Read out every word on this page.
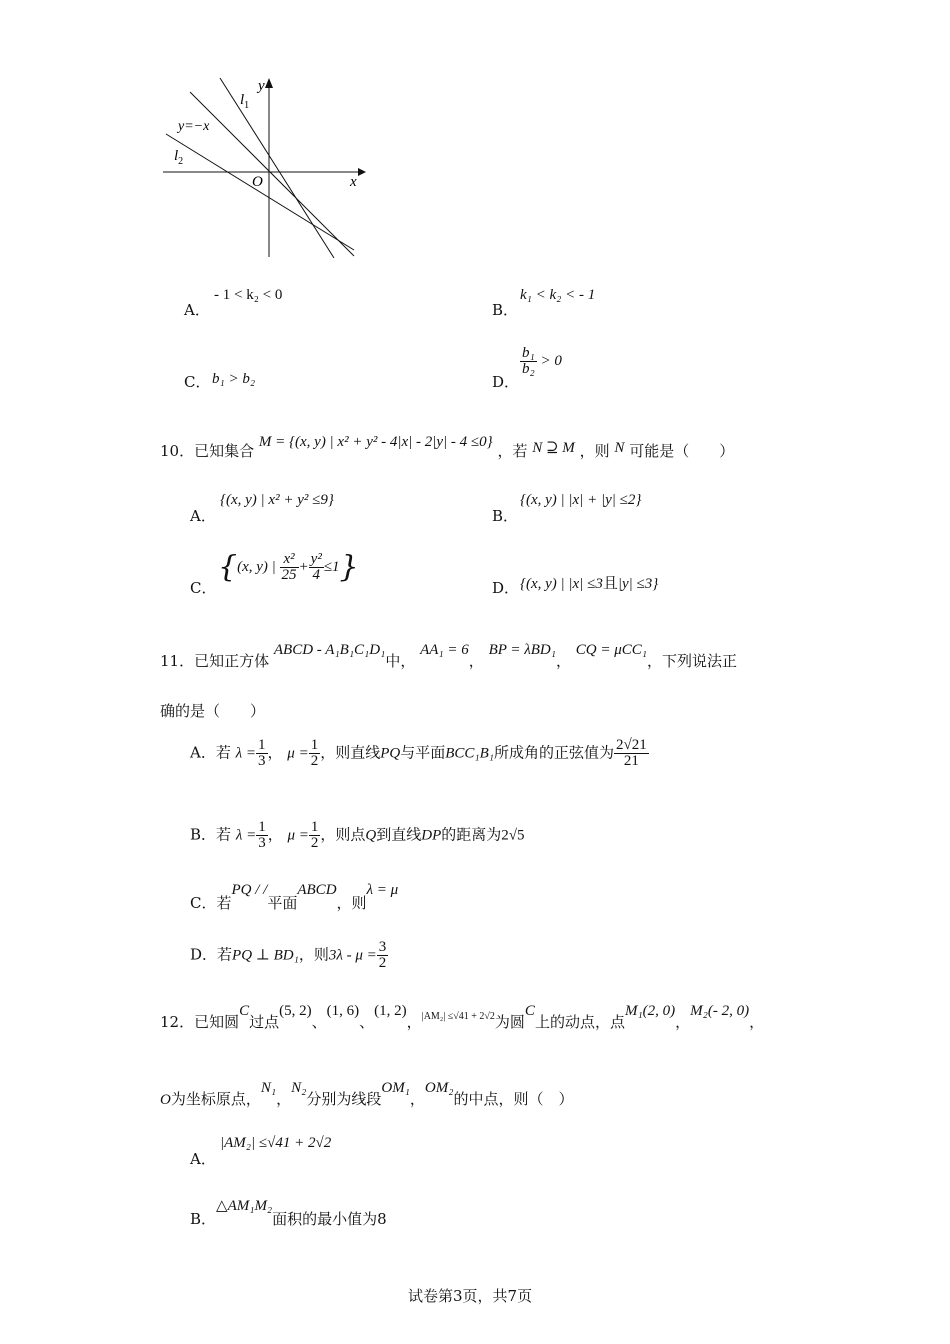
y
x
O
$l_1$
y=−x
$l_2$
A．
- 1 < k₂ < 0
B．
k₁ < k₂ < - 1
C． b₁ > b₂	D．
$\frac{\text{b₁}}{\text{b₂}} > 0$
10．已知集合 M = {(x, y) | x² + y² - 4|x| - 2|y| - 4 ≤0} ，若 N ⊇ M ，则 N 可能是（　　）
A．
{(x, y) | x² + y² ≤9}
B．
{(x, y) | |x| + |y| ≤2}
C．
{(x, y) | $\frac{\text{x²}}{25} + \frac{\text{y²}}{4} \le 1$}
D． {(x, y) | |x| ≤3且|y| ≤3}
11．已知正方体 ABCD - A₁B₁C₁D₁中， AA₁ = 6， BP = λBD₁， CQ = μCC₁，下列说法正
确的是（　　）
A．若 $\lambda = \frac{1}{3}$ ， $\mu = \frac{1}{2}$ ，则直线PQ与平面BCC₁B₁所成角的正弦值为 $\frac{2√21}{21}$
B．若 $\lambda = \frac{1}{3}$ ， $\mu = \frac{1}{2}$ ，则点Q到直线DP的距离为2√5
C．若PQ / /平面ABCD，则λ = μ
D．若PQ ⊥ BD₁，则$3\lambda - \mu = \frac{3}{2}$
12．已知圆C过点(5, 2)、(1, 6)、(1, 2)，$^{|AM_2| \le√41 + 2√2}$为圆C上的动点，点M₁(2, 0)，M₂(- 2, 0)，
O为坐标原点，N₁，N₂分别为线段OM₁，OM₂的中点，则（　）
A．
|AM₂| ≤√41 + 2√2
B．△AM₁M₂面积的最小值为8
试卷第3页，共7页
